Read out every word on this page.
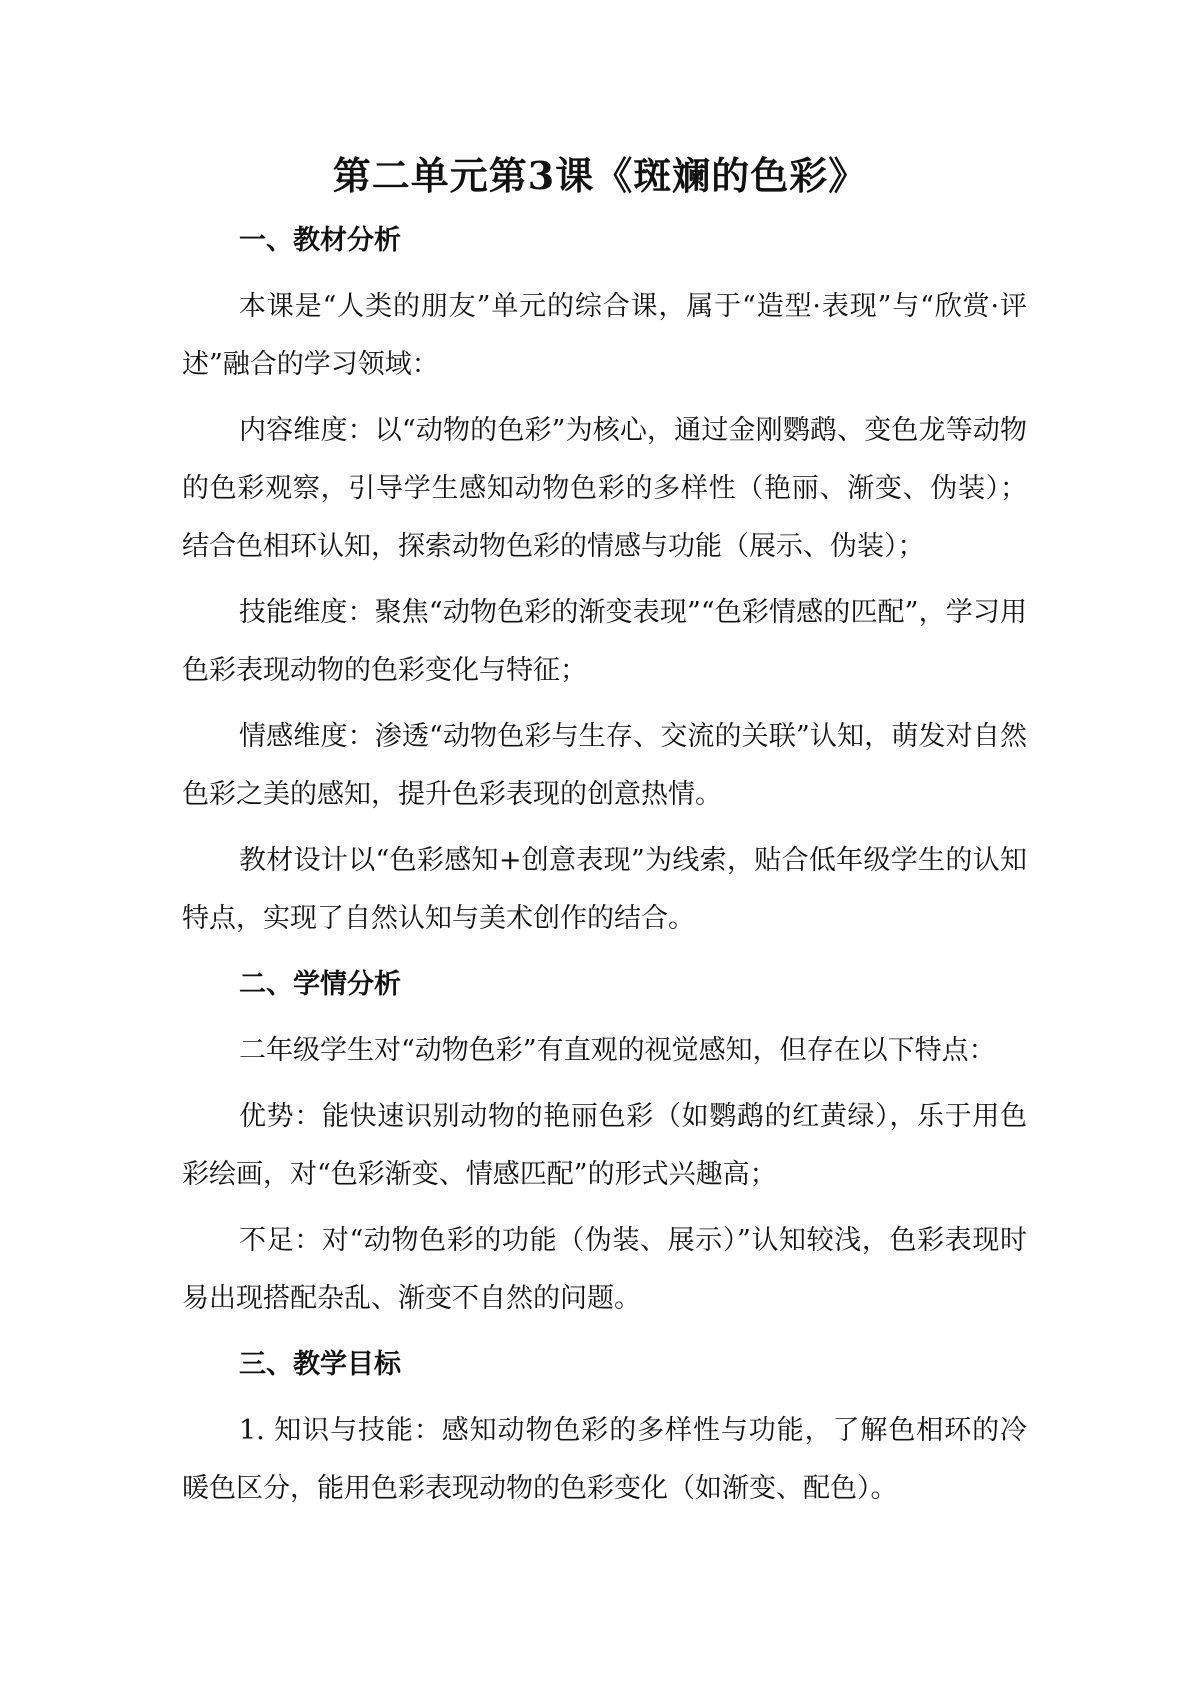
第二单元第3课《斑斓的色彩》
一、教材分析

本课是“人类的朋友”单元的综合课，属于“造型·表现”与“欣赏·评述”融合的学习领域：

内容维度：以“动物的色彩”为核心，通过金刚鹦鹉、变色龙等动物的色彩观察，引导学生感知动物色彩的多样性（艳丽、渐变、伪装）；结合色相环认知，探索动物色彩的情感与功能（展示、伪装）；

技能维度：聚焦“动物色彩的渐变表现”“色彩情感的匹配”，学习用色彩表现动物的色彩变化与特征；

情感维度：渗透“动物色彩与生存、交流的关联”认知，萌发对自然色彩之美的感知，提升色彩表现的创意热情。

教材设计以“色彩感知+创意表现”为线索，贴合低年级学生的认知特点，实现了自然认知与美术创作的结合。

二、学情分析

二年级学生对“动物色彩”有直观的视觉感知，但存在以下特点：

优势：能快速识别动物的艳丽色彩（如鹦鹉的红黄绿），乐于用色彩绘画，对“色彩渐变、情感匹配”的形式兴趣高；

不足：对“动物色彩的功能（伪装、展示）”认知较浅，色彩表现时易出现搭配杂乱、渐变不自然的问题。

三、教学目标

1. 知识与技能：感知动物色彩的多样性与功能，了解色相环的冷暖色区分，能用色彩表现动物的色彩变化（如渐变、配色）。
